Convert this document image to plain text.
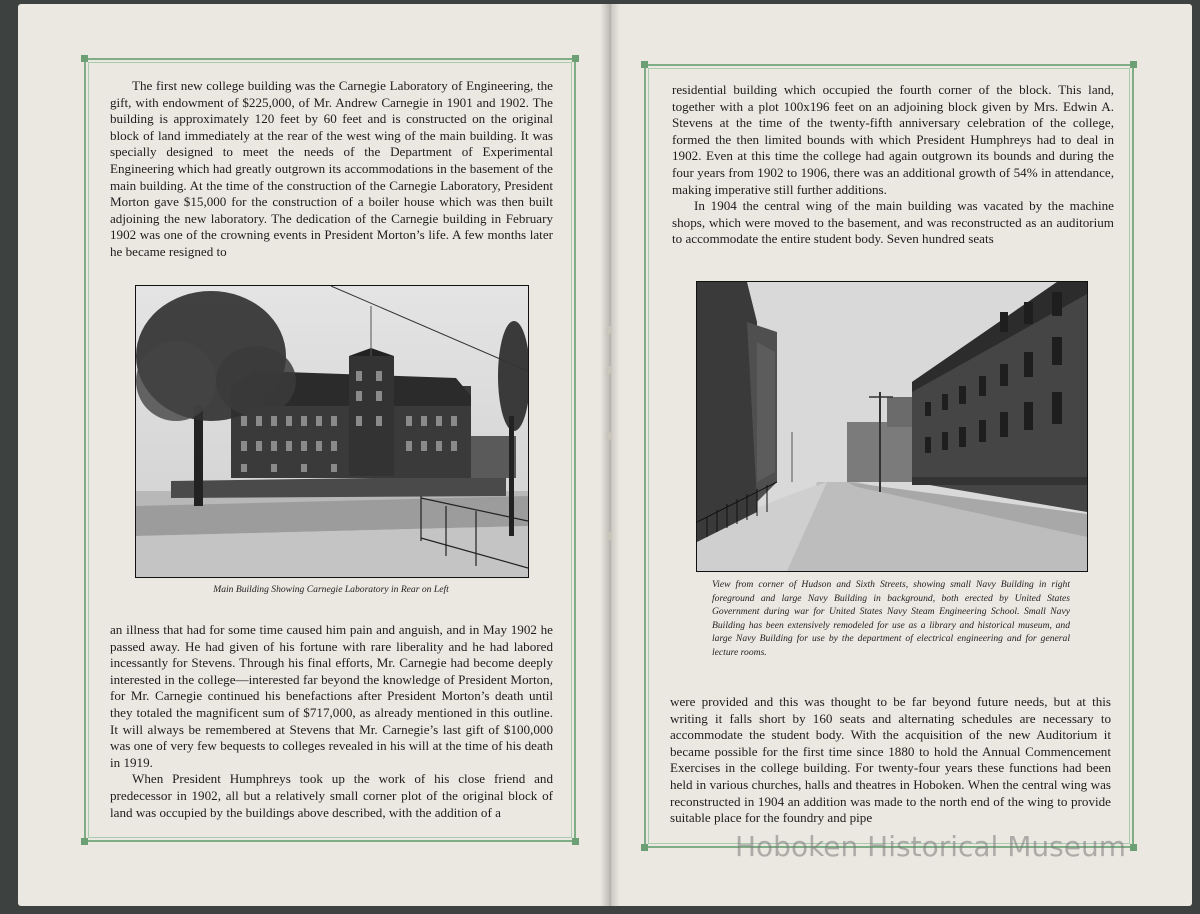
The first new college building was the Carnegie Laboratory of Engineering, the gift, with endowment of $225,000, of Mr. Andrew Carnegie in 1901 and 1902. The building is approximately 120 feet by 60 feet and is constructed on the original block of land immediately at the rear of the west wing of the main building. It was specially designed to meet the needs of the Department of Experimental Engineering which had greatly outgrown its accommodations in the basement of the main building. At the time of the construction of the Carnegie Laboratory, President Morton gave $15,000 for the construction of a boiler house which was then built adjoining the new laboratory. The dedication of the Carnegie building in February 1902 was one of the crowning events in President Morton’s life. A few months later he became resigned to

Main Building Showing Carnegie Laboratory in Rear on Left

an illness that had for some time caused him pain and anguish, and in May 1902 he passed away. He had given of his fortune with rare liberality and he had labored incessantly for Stevens. Through his final efforts, Mr. Carnegie had become deeply interested in the college—interested far beyond the knowledge of President Morton, for Mr. Carnegie continued his benefactions after President Morton’s death until they totaled the magnificent sum of $717,000, as already mentioned in this outline. It will always be remembered at Stevens that Mr. Carnegie’s last gift of $100,000 was one of very few bequests to colleges revealed in his will at the time of his death in 1919.

When President Humphreys took up the work of his close friend and predecessor in 1902, all but a relatively small corner plot of the original block of land was occupied by the buildings above described, with the addition of a

residential building which occupied the fourth corner of the block. This land, together with a plot 100x196 feet on an adjoining block given by Mrs. Edwin A. Stevens at the time of the twenty-fifth anniversary celebration of the college, formed the then limited bounds with which President Humphreys had to deal in 1902. Even at this time the college had again outgrown its bounds and during the four years from 1902 to 1906, there was an additional growth of 54% in attendance, making imperative still further additions.

In 1904 the central wing of the main building was vacated by the machine shops, which were moved to the basement, and was reconstructed as an auditorium to accommodate the entire student body. Seven hundred seats

View from corner of Hudson and Sixth Streets, showing small Navy Building in right foreground and large Navy Building in background, both erected by United States Government during war for United States Navy Steam Engineering School. Small Navy Building has been extensively remodeled for use as a library and historical museum, and large Navy Building for use by the department of electrical engineering and for general lecture rooms.

were provided and this was thought to be far beyond future needs, but at this writing it falls short by 160 seats and alternating schedules are necessary to accommodate the student body. With the acquisition of the new Auditorium it became possible for the first time since 1880 to hold the Annual Commencement Exercises in the college building. For twenty-four years these functions had been held in various churches, halls and theatres in Hoboken. When the central wing was reconstructed in 1904 an addition was made to the north end of the wing to provide suitable place for the foundry and pipe

Hoboken Historical Museum
